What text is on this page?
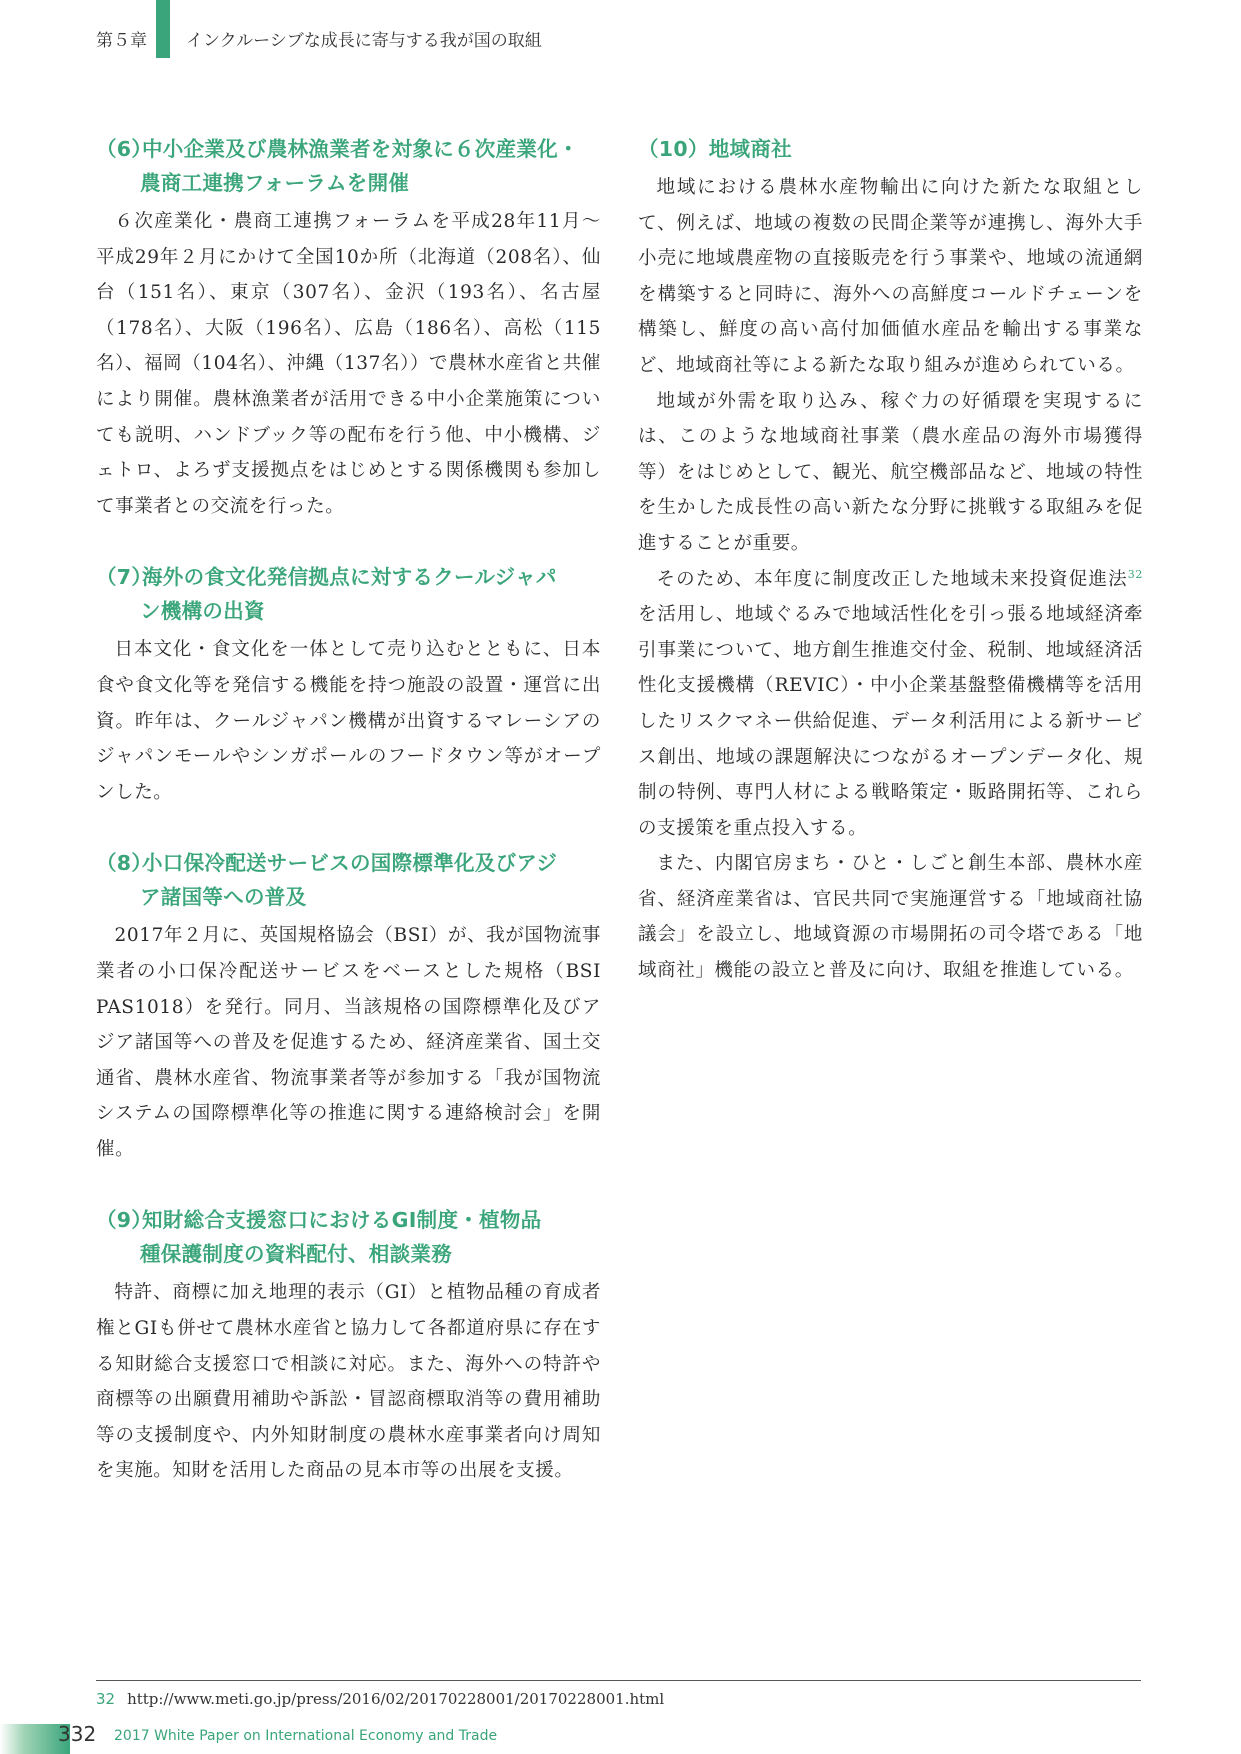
第５章 インクルーシブな成長に寄与する我が国の取組
（6）中小企業及び農林漁業者を対象に６次産業化・
農商工連携フォーラムを開催

６次産業化・農商工連携フォーラムを平成28年11月〜平成29年２月にかけて全国10か所（北海道（208名）、仙台（151名）、東京（307名）、金沢（193名）、名古屋（178名）、大阪（196名）、広島（186名）、高松（115名）、福岡（104名）、沖縄（137名））で農林水産省と共催により開催。農林漁業者が活用できる中小企業施策についても説明、ハンドブック等の配布を行う他、中小機構、ジェトロ、よろず支援拠点をはじめとする関係機関も参加して事業者との交流を行った。

（7）海外の食文化発信拠点に対するクールジャパ
ン機構の出資

日本文化・食文化を一体として売り込むとともに、日本食や食文化等を発信する機能を持つ施設の設置・運営に出資。昨年は、クールジャパン機構が出資するマレーシアのジャパンモールやシンガポールのフードタウン等がオープンした。

（8）小口保冷配送サービスの国際標準化及びアジ
ア諸国等への普及

2017年２月に、英国規格協会（BSI）が、我が国物流事業者の小口保冷配送サービスをベースとした規格（BSI PAS1018）を発行。同月、当該規格の国際標準化及びアジア諸国等への普及を促進するため、経済産業省、国土交通省、農林水産省、物流事業者等が参加する「我が国物流システムの国際標準化等の推進に関する連絡検討会」を開催。

（9）知財総合支援窓口におけるGI制度・植物品
種保護制度の資料配付、相談業務

特許、商標に加え地理的表示（GI）と植物品種の育成者権とGIも併せて農林水産省と協力して各都道府県に存在する知財総合支援窓口で相談に対応。また、海外への特許や商標等の出願費用補助や訴訟・冒認商標取消等の費用補助等の支援制度や、内外知財制度の農林水産事業者向け周知を実施。知財を活用した商品の見本市等の出展を支援。

（10）地域商社

地域における農林水産物輸出に向けた新たな取組として、例えば、地域の複数の民間企業等が連携し、海外大手小売に地域農産物の直接販売を行う事業や、地域の流通網を構築すると同時に、海外への高鮮度コールドチェーンを構築し、鮮度の高い高付加価値水産品を輸出する事業など、地域商社等による新たな取り組みが進められている。

地域が外需を取り込み、稼ぐ力の好循環を実現するには、このような地域商社事業（農水産品の海外市場獲得等）をはじめとして、観光、航空機部品など、地域の特性を生かした成長性の高い新たな分野に挑戦する取組みを促進することが重要。

そのため、本年度に制度改正した地域未来投資促進法$^{32}$を活用し、地域ぐるみで地域活性化を引っ張る地域経済牽引事業について、地方創生推進交付金、税制、地域経済活性化支援機構（REVIC）・中小企業基盤整備機構等を活用したリスクマネー供給促進、データ利活用による新サービス創出、地域の課題解決につながるオープンデータ化、規制の特例、専門人材による戦略策定・販路開拓等、これらの支援策を重点投入する。

また、内閣官房まち・ひと・しごと創生本部、農林水産省、経済産業省は、官民共同で実施運営する「地域商社協議会」を設立し、地域資源の市場開拓の司令塔である「地域商社」機能の設立と普及に向け、取組を推進している。

32 http://www.meti.go.jp/press/2016/02/20170228001/20170228001.html
332 2017 White Paper on International Economy and Trade
